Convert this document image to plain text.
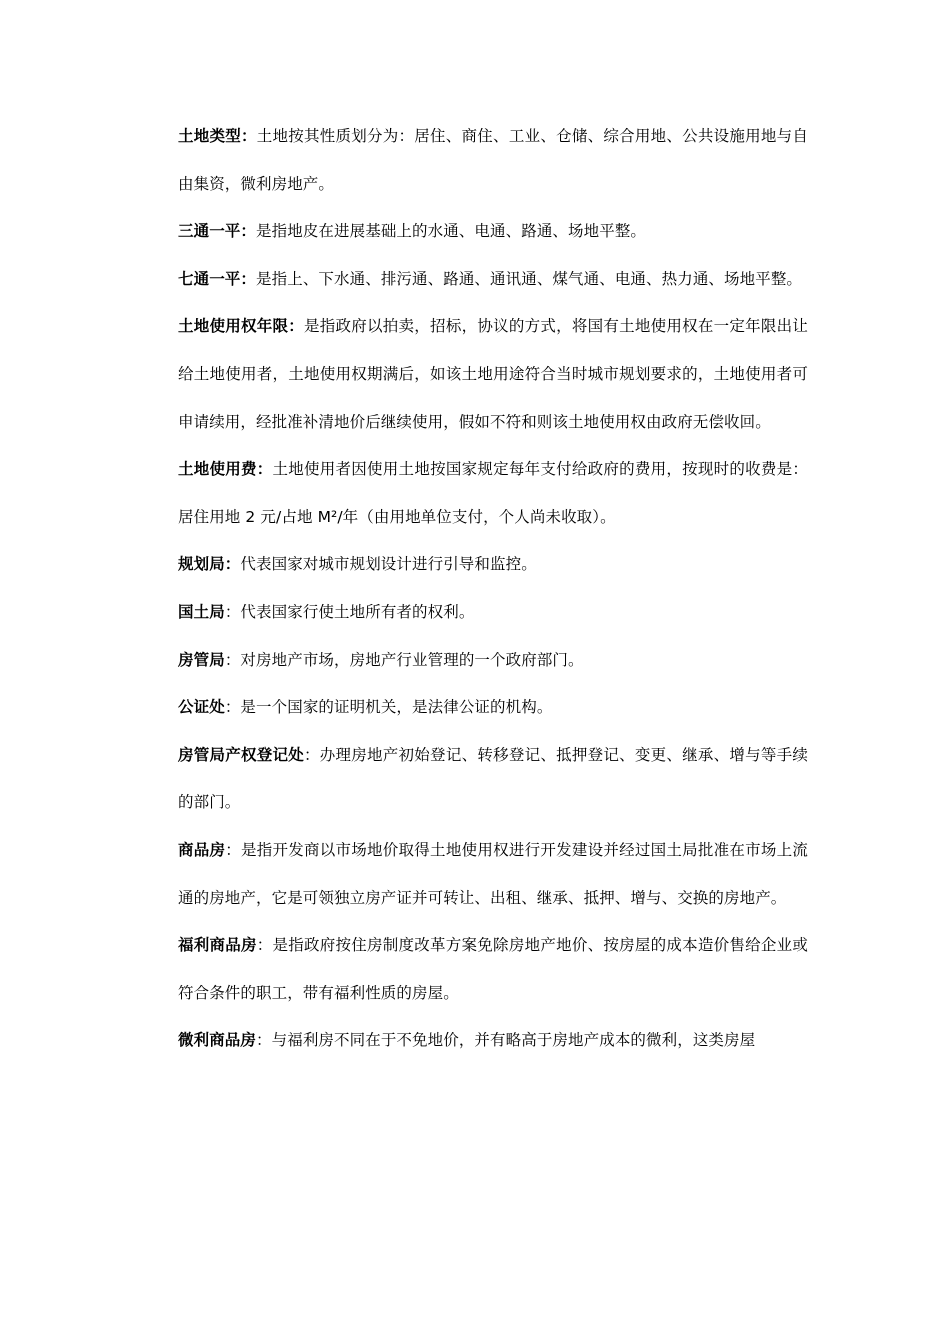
土地类型：土地按其性质划分为：居住、商住、工业、仓储、综合用地、公共设施用地与自由集资，微利房地产。

三通一平：是指地皮在进展基础上的水通、电通、路通、场地平整。

七通一平：是指上、下水通、排污通、路通、通讯通、煤气通、电通、热力通、场地平整。

土地使用权年限：是指政府以拍卖，招标，协议的方式，将国有土地使用权在一定年限出让给土地使用者，土地使用权期满后，如该土地用途符合当时城市规划要求的，土地使用者可申请续用，经批准补清地价后继续使用，假如不符和则该土地使用权由政府无偿收回。

土地使用费：土地使用者因使用土地按国家规定每年支付给政府的费用，按现时的收费是：居住用地 2 元/占地 M²/年（由用地单位支付，个人尚未收取）。

规划局：代表国家对城市规划设计进行引导和监控。

国土局：代表国家行使土地所有者的权利。

房管局：对房地产市场，房地产行业管理的一个政府部门。

公证处：是一个国家的证明机关，是法律公证的机构。

房管局产权登记处：办理房地产初始登记、转移登记、抵押登记、变更、继承、增与等手续的部门。

商品房：是指开发商以市场地价取得土地使用权进行开发建设并经过国土局批准在市场上流通的房地产，它是可领独立房产证并可转让、出租、继承、抵押、增与、交换的房地产。

福利商品房：是指政府按住房制度改革方案免除房地产地价、按房屋的成本造价售给企业或符合条件的职工，带有福利性质的房屋。

微利商品房：与福利房不同在于不免地价，并有略高于房地产成本的微利，这类房屋
